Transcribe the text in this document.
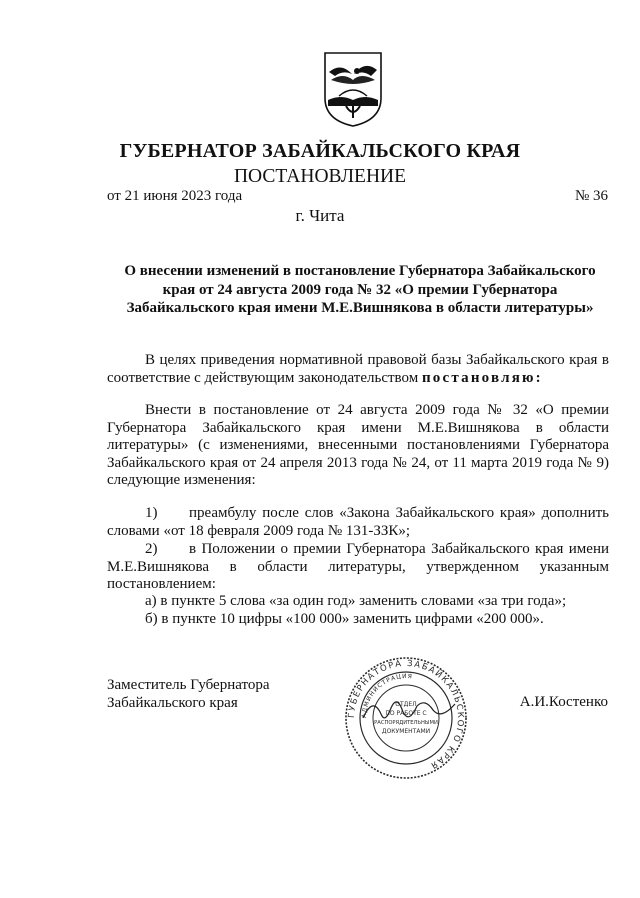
ГУБЕРНАТОР ЗАБАЙКАЛЬСКОГО КРАЯ
ПОСТАНОВЛЕНИЕ
от 21 июня 2023 года	№ 36
г. Чита
О внесении изменений в постановление Губернатора Забайкальского
края от 24 августа 2009 года № 32 «О премии Губернатора
Забайкальского края имени М.Е.Вишнякова в области литературы»
В целях приведения нормативной правовой базы Забайкальского края в соответствие с действующим законодательством постановляю:
Внести в постановление от 24 августа 2009 года № 32 «О премии Губернатора Забайкальского края имени М.Е.Вишнякова в области литературы» (с изменениями, внесенными постановлениями Губернатора Забайкальского края от 24 апреля 2013 года № 24, от 11 марта 2019 года № 9) следующие изменения:
1) преамбулу после слов «Закона Забайкальского края» дополнить словами «от 18 февраля 2009 года № 131-ЗЗК»;
2) в Положении о премии Губернатора Забайкальского края имени М.Е.Вишнякова в области литературы, утвержденном указанным постановлением:
а) в пункте 5 слова «за один год» заменить словами «за три года»;
б) в пункте 10 цифры «100 000» заменить цифрами «200 000».
Заместитель Губернатора
Забайкальского края
ГУБЕРНАТОРА ЗАБАЙКАЛЬСКОГО КРАЯ
АДМИНИСТРАЦИЯ
ОТДЕЛ
ПО РАБОТЕ С
РАСПОРЯДИТЕЛЬНЫМИ
ДОКУМЕНТАМИ
А.И.Костенко
